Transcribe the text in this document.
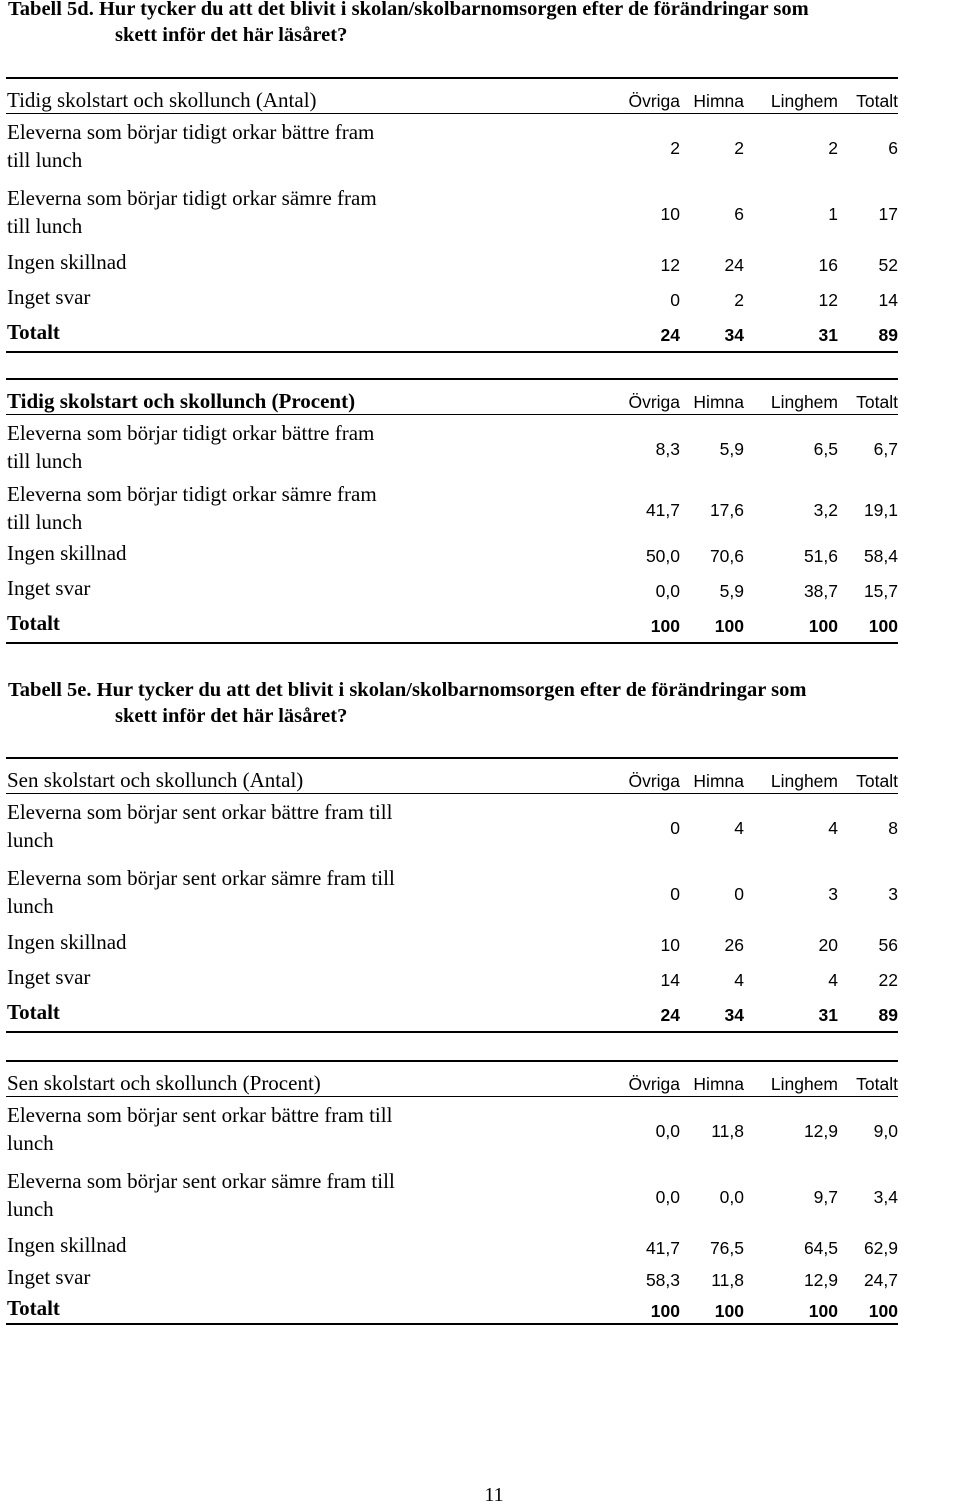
Tabell 5d. Hur tycker du att det blivit i skolan/skolbarnomsorgen efter de förändringar som
skett inför det här läsåret?
Tidig skolstart och skollunch (Antal)	Övriga Himna Linghem Totalt
Eleverna som börjar tidigt orkar bättre fram till lunch	2	2	2	6
Eleverna som börjar tidigt orkar sämre fram till lunch	10	6	1 17
Ingen skillnad	12	24	16 52
Inget svar	0	2	12 14
Totalt	24	34	31 89
Tidig skolstart och skollunch (Procent)	Övriga Himna Linghem Totalt
Eleverna som börjar tidigt orkar bättre fram till lunch	8,3 5,9	6,5 6,7
Eleverna som börjar tidigt orkar sämre fram till lunch	41,7 17,6	3,2 19,1
Ingen skillnad	50,0 70,6	51,6 58,4
Inget svar	0,0 5,9	38,7 15,7
Totalt	100 100	100 100
Tabell 5e. Hur tycker du att det blivit i skolan/skolbarnomsorgen efter de förändringar som
skett inför det här läsåret?
Sen skolstart och skollunch (Antal)	Övriga Himna Linghem Totalt
Eleverna som börjar sent orkar bättre fram till lunch	0	4	4	8
Eleverna som börjar sent orkar sämre fram till lunch	0	0	3	3
Ingen skillnad	10	26	20 56
Inget svar	14	4	4 22
Totalt	24	34	31 89
Sen skolstart och skollunch (Procent)	Övriga Himna Linghem Totalt
Eleverna som börjar sent orkar bättre fram till lunch	0,0 11,8	12,9 9,0
Eleverna som börjar sent orkar sämre fram till lunch	0,0 0,0	9,7 3,4
Ingen skillnad	41,7 76,5	64,5 62,9
Inget svar	58,3 11,8	12,9 24,7
Totalt	100 100	100 100
11
